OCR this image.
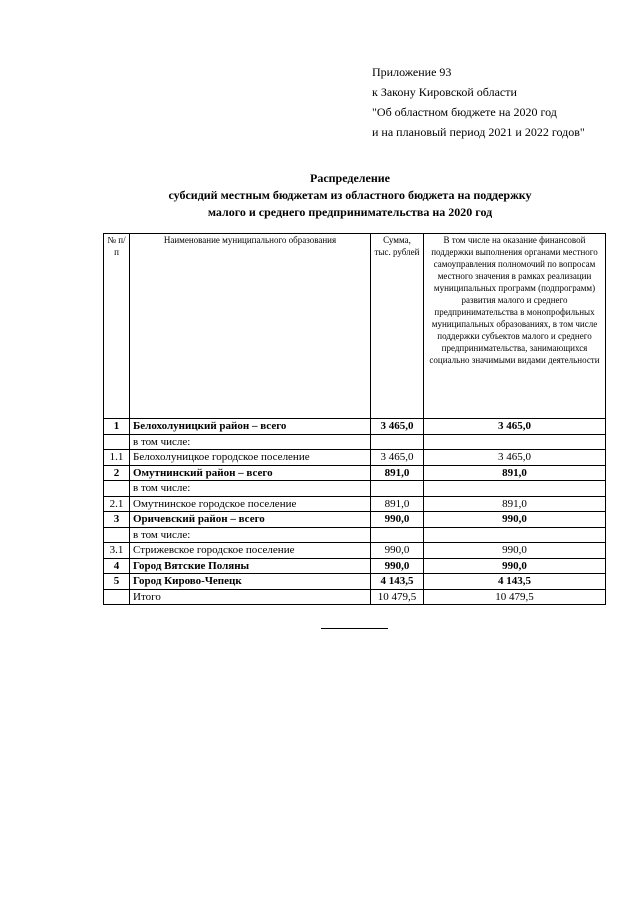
Приложение 93
к Закону Кировской области
"Об областном бюджете на 2020 год
и на плановый период 2021 и 2022 годов"
Распределение
субсидий местным бюджетам из областного бюджета на поддержку
малого и среднего предпринимательства на 2020 год
№ п/п	Наименование муниципального образования	Сумма, тыс. рублей	В том числе на оказание финансовой поддержки выполнения органами местного самоуправления полномочий по вопросам местного значения в рамках реализации муниципальных программ (подпрограмм) развития малого и среднего предпринимательства в монопрофильных муниципальных образованиях, в том числе поддержки субъектов малого и среднего предпринимательства, занимающихся социально значимыми видами деятельности
1	Белохолуницкий район – всего	3 465,0	3 465,0
	в том числе:		
1.1	Белохолуницкое городское поселение	3 465,0	3 465,0
2	Омутнинский район – всего	891,0	891,0
	в том числе:		
2.1	Омутнинское городское поселение	891,0	891,0
3	Оричевский район – всего	990,0	990,0
	в том числе:		
3.1	Стрижевское городское поселение	990,0	990,0
4	Город Вятские Поляны	990,0	990,0
5	Город Кирово-Чепецк	4 143,5	4 143,5
	Итого	10 479,5	10 479,5
